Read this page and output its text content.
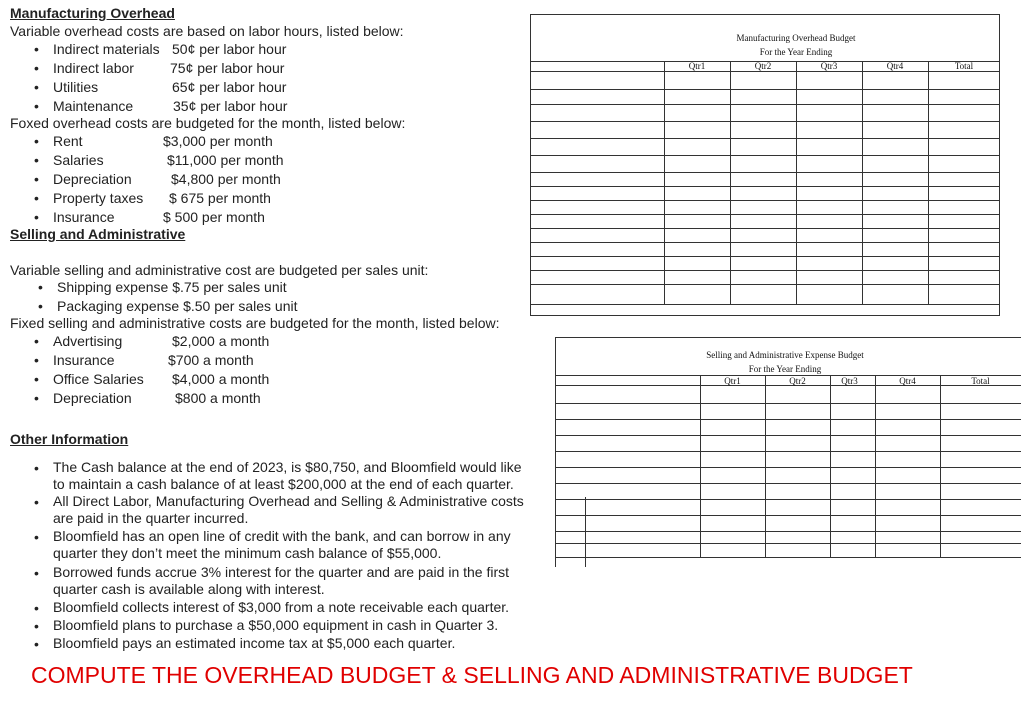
Manufacturing Overhead
Variable overhead costs are based on labor hours, listed below:
• Indirect materials 50¢ per labor hour
• Indirect labor	75¢ per labor hour
• Utilities	65¢ per labor hour
• Maintenance	35¢ per labor hour
Foxed overhead costs are budgeted for the month, listed below:
• Rent	$3,000 per month
• Salaries	$11,000 per month
• Depreciation	$4,800 per month
• Property taxes $ 675 per month
• Insurance	$ 500 per month
Selling and Administrative
Variable selling and administrative cost are budgeted per sales unit:
• Shipping expense $.75 per sales unit
• Packaging expense $.50 per sales unit
Fixed selling and administrative costs are budgeted for the month, listed below:
• Advertising	$2,000 a month
• Insurance	$700 a month
• Office Salaries $4,000 a month
• Depreciation	$800 a month
Other Information
• The Cash balance at the end of 2023, is $80,750, and Bloomfield would like to maintain a cash balance of at least $200,000 at the end of each quarter.
• All Direct Labor, Manufacturing Overhead and Selling & Administrative costs are paid in the quarter incurred.
• Bloomfield has an open line of credit with the bank, and can borrow in any quarter they don’t meet the minimum cash balance of $55,000.
• Borrowed funds accrue 3% interest for the quarter and are paid in the first quarter cash is available along with interest.
• Bloomfield collects interest of $3,000 from a note receivable each quarter.
• Bloomfield plans to purchase a $50,000 equipment in cash in Quarter 3.
• Bloomfield pays an estimated income tax at $5,000 each quarter.
COMPUTE THE OVERHEAD BUDGET & SELLING AND ADMINISTRATIVE BUDGET
Manufacturing Overhead Budget
For the Year Ending
Qtr1	Qtr2	Qtr3	Qtr4	Total
Selling and Administrative Expense Budget
For the Year Ending
Qtr1	Qtr2	Qtr3	Qtr4	Total
